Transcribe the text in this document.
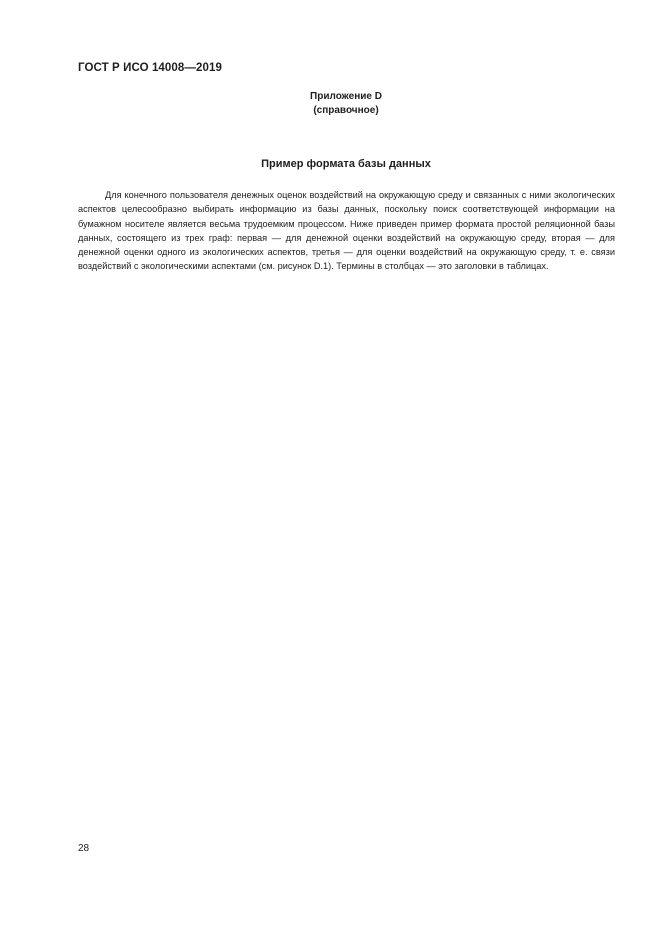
ГОСТ Р ИСО 14008—2019
Приложение D
(справочное)
Пример формата базы данных

Для конечного пользователя денежных оценок воздействий на окружающую среду и связанных с ними экологических аспектов целесообразно выбирать информацию из базы данных, поскольку поиск соответствующей информации на бумажном носителе является весьма трудоемким процессом. Ниже приведен пример формата простой реляционной базы данных, состоящего из трех граф: первая — для денежной оценки воздействий на окружающую среду, вторая — для денежной оценки одного из экологических аспектов, третья — для оценки воздействий на окружающую среду, т. е. связи воздействий с экологическими аспектами (см. рисунок D.1). Термины в столбцах — это заголовки в таблицах.

28
